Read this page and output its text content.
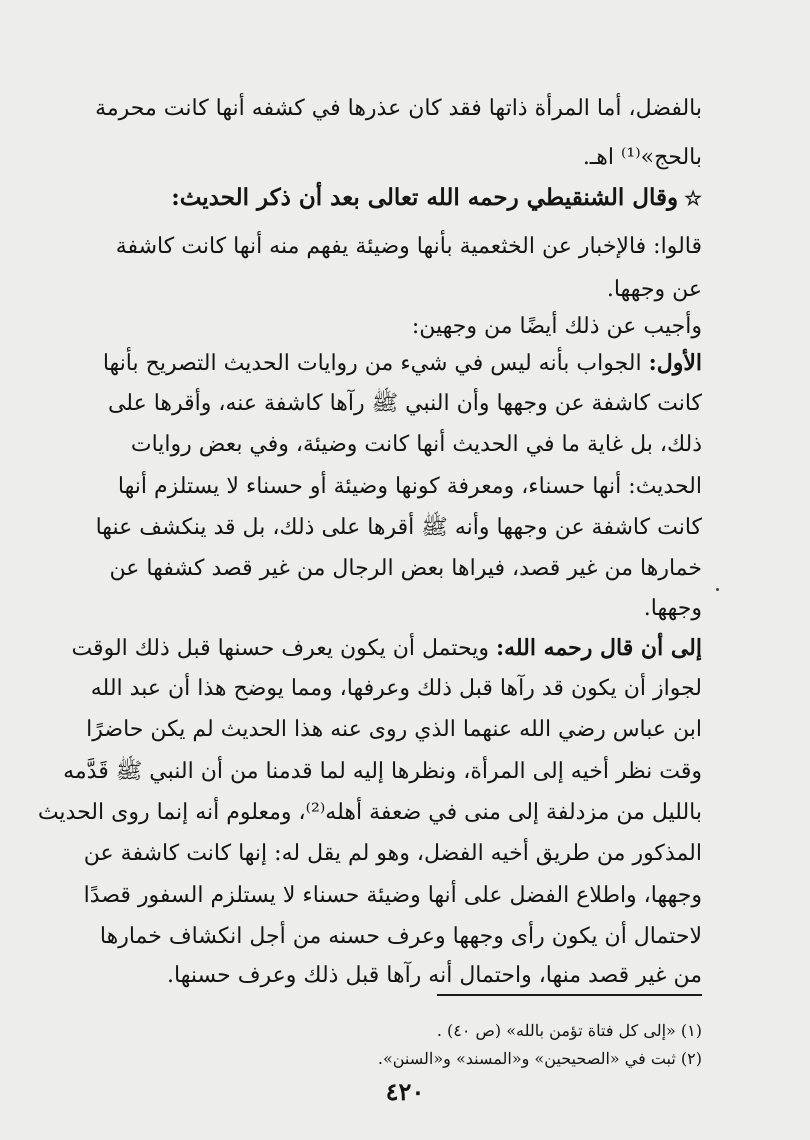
بالفضل، أما المرأة ذاتها فقد كان عذرها في كشفه أنها كانت محرمة
بالحج»⁽¹⁾ اهـ.
☆وقال الشنقيطي رحمه الله تعالى بعد أن ذكر الحديث:
قالوا: فالإخبار عن الخثعمية بأنها وضيئة يفهم منه أنها كانت كاشفة
عن وجهها.
وأجيب عن ذلك أيضًا من وجهين:
الأول: الجواب بأنه ليس في شيء من روايات الحديث التصريح بأنها
كانت كاشفة عن وجهها وأن النبي ﷺ رآها كاشفة عنه، وأقرها على
ذلك، بل غاية ما في الحديث أنها كانت وضيئة، وفي بعض روايات
الحديث: أنها حسناء، ومعرفة كونها وضيئة أو حسناء لا يستلزم أنها
كانت كاشفة عن وجهها وأنه ﷺ أقرها على ذلك، بل قد ينكشف عنها
خمارها من غير قصد، فيراها بعض الرجال من غير قصد كشفها عن
وجهها.
إلى أن قال رحمه الله: ويحتمل أن يكون يعرف حسنها قبل ذلك الوقت
لجواز أن يكون قد رآها قبل ذلك وعرفها، ومما يوضح هذا أن عبد الله
ابن عباس رضي الله عنهما الذي روى عنه هذا الحديث لم يكن حاضرًا
وقت نظر أخيه إلى المرأة، ونظرها إليه لما قدمنا من أن النبي ﷺ قَدَّمه
بالليل من مزدلفة إلى منى في ضعفة أهله⁽²⁾، ومعلوم أنه إنما روى الحديث
المذكور من طريق أخيه الفضل، وهو لم يقل له: إنها كانت كاشفة عن
وجهها، واطلاع الفضل على أنها وضيئة حسناء لا يستلزم السفور قصدًا
لاحتمال أن يكون رأى وجهها وعرف حسنه من أجل انكشاف خمارها
من غير قصد منها، واحتمال أنه رآها قبل ذلك وعرف حسنها.
(١) «إلى كل فتاة تؤمن بالله» (ص ٤٠) .
(٢) ثبت في «الصحيحين» و«المسند» و«السنن».
٤٢٠
